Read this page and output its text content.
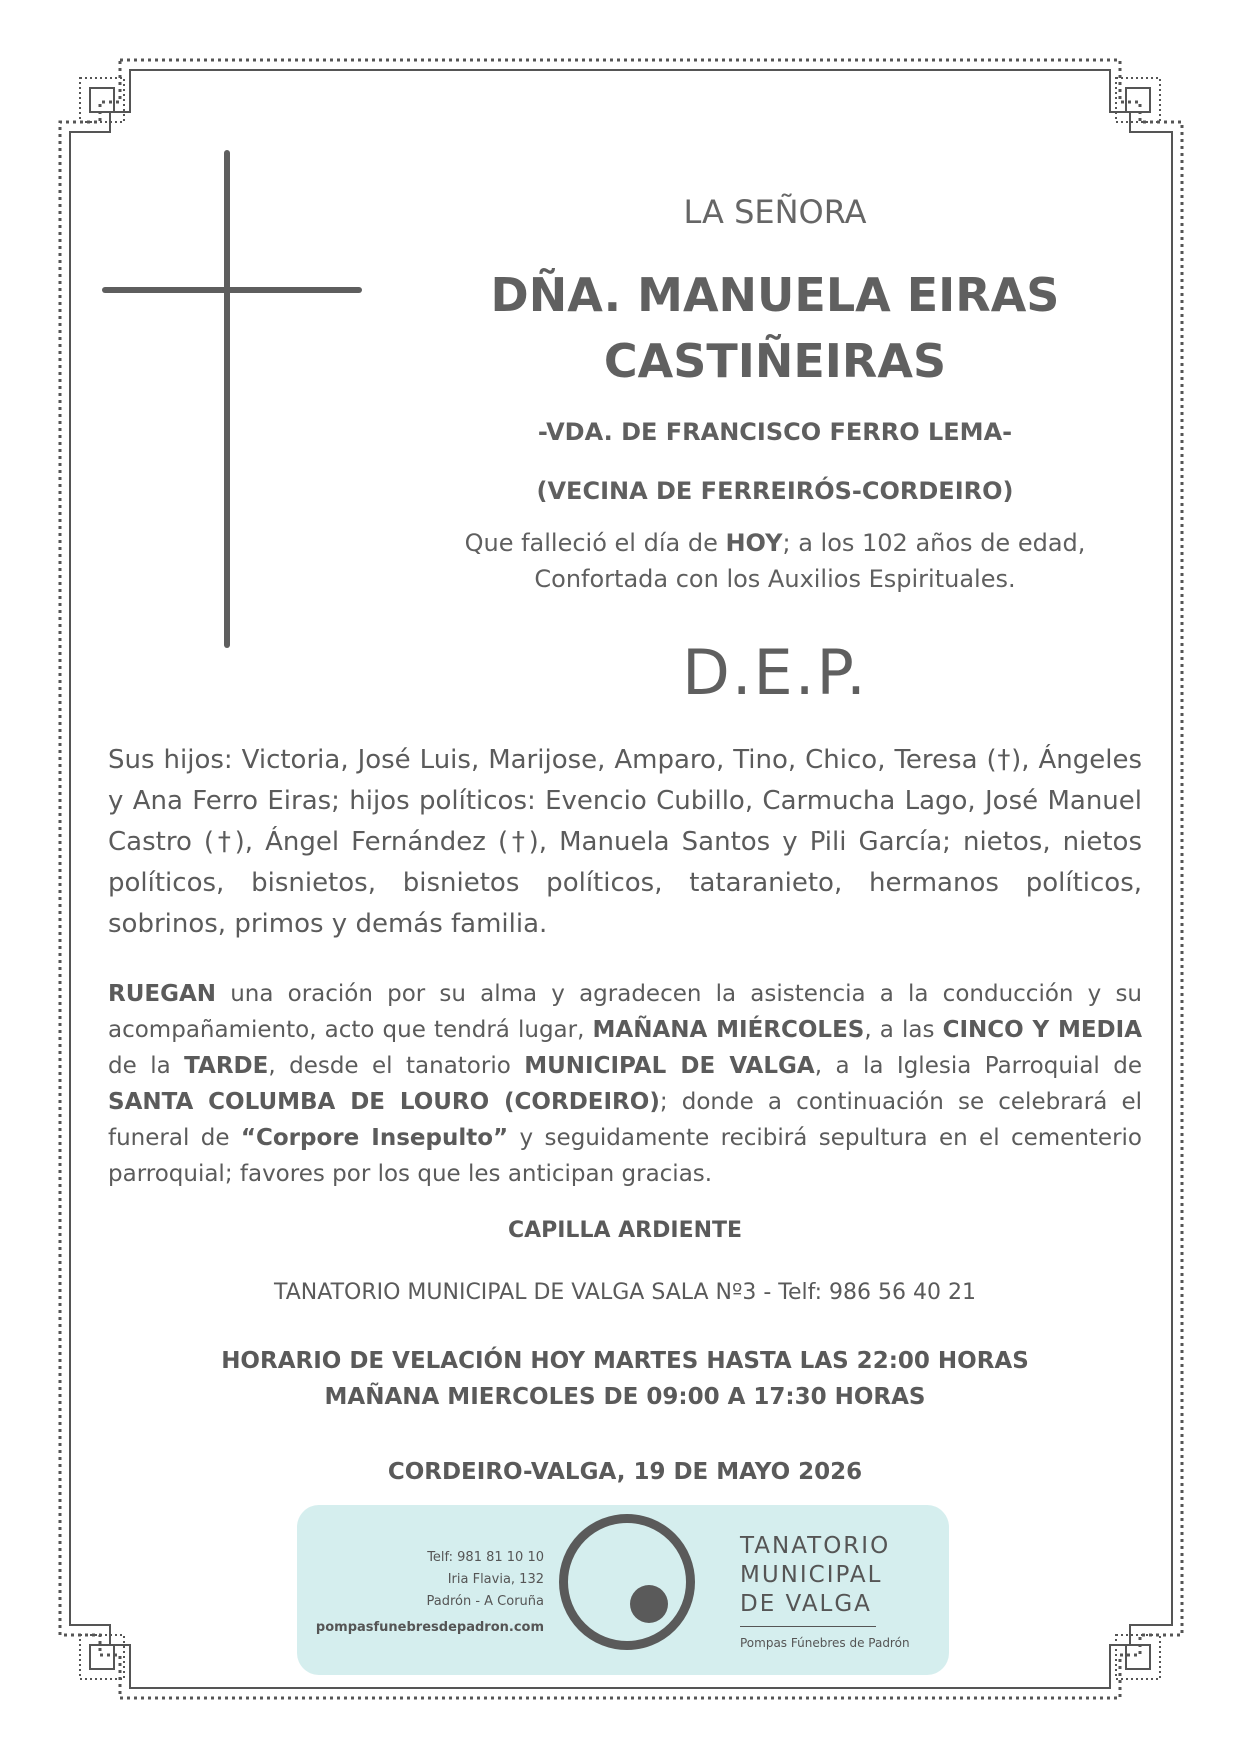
LA SEÑORA
DÑA. MANUELA EIRAS CASTIÑEIRAS
-VDA. DE FRANCISCO FERRO LEMA-
(VECINA DE FERREIRÓS-CORDEIRO)
Que falleció el día de HOY; a los 102 años de edad,
Confortada con los Auxilios Espirituales.
D.E.P.
Sus hijos: Victoria, José Luis, Marijose, Amparo, Tino, Chico, Teresa (†), Ángeles y Ana Ferro Eiras; hijos políticos: Evencio Cubillo, Carmucha Lago, José Manuel Castro (†), Ángel Fernández (†), Manuela Santos y Pili García; nietos, nietos políticos, bisnietos, bisnietos políticos, tataranieto, hermanos políticos, sobrinos, primos y demás familia.
RUEGAN una oración por su alma y agradecen la asistencia a la conducción y su acompañamiento, acto que tendrá lugar, MAÑANA MIÉRCOLES, a las CINCO Y MEDIA de la TARDE, desde el tanatorio MUNICIPAL DE VALGA, a la Iglesia Parroquial de SANTA COLUMBA DE LOURO (CORDEIRO); donde a continuación se celebrará el funeral de “Corpore Insepulto” y seguidamente recibirá sepultura en el cementerio parroquial; favores por los que les anticipan gracias.
CAPILLA ARDIENTE
TANATORIO MUNICIPAL DE VALGA SALA Nº3 - Telf: 986 56 40 21
HORARIO DE VELACIÓN HOY MARTES HASTA LAS 22:00 HORAS
MAÑANA MIERCOLES DE 09:00 A 17:30 HORAS
CORDEIRO-VALGA, 19 DE MAYO 2026
Telf: 981 81 10 10
Iria Flavia, 132
Padrón - A Coruña
pompasfunebresdepadron.com
TANATORIO
MUNICIPAL
DE VALGA
Pompas Fúnebres de Padrón
